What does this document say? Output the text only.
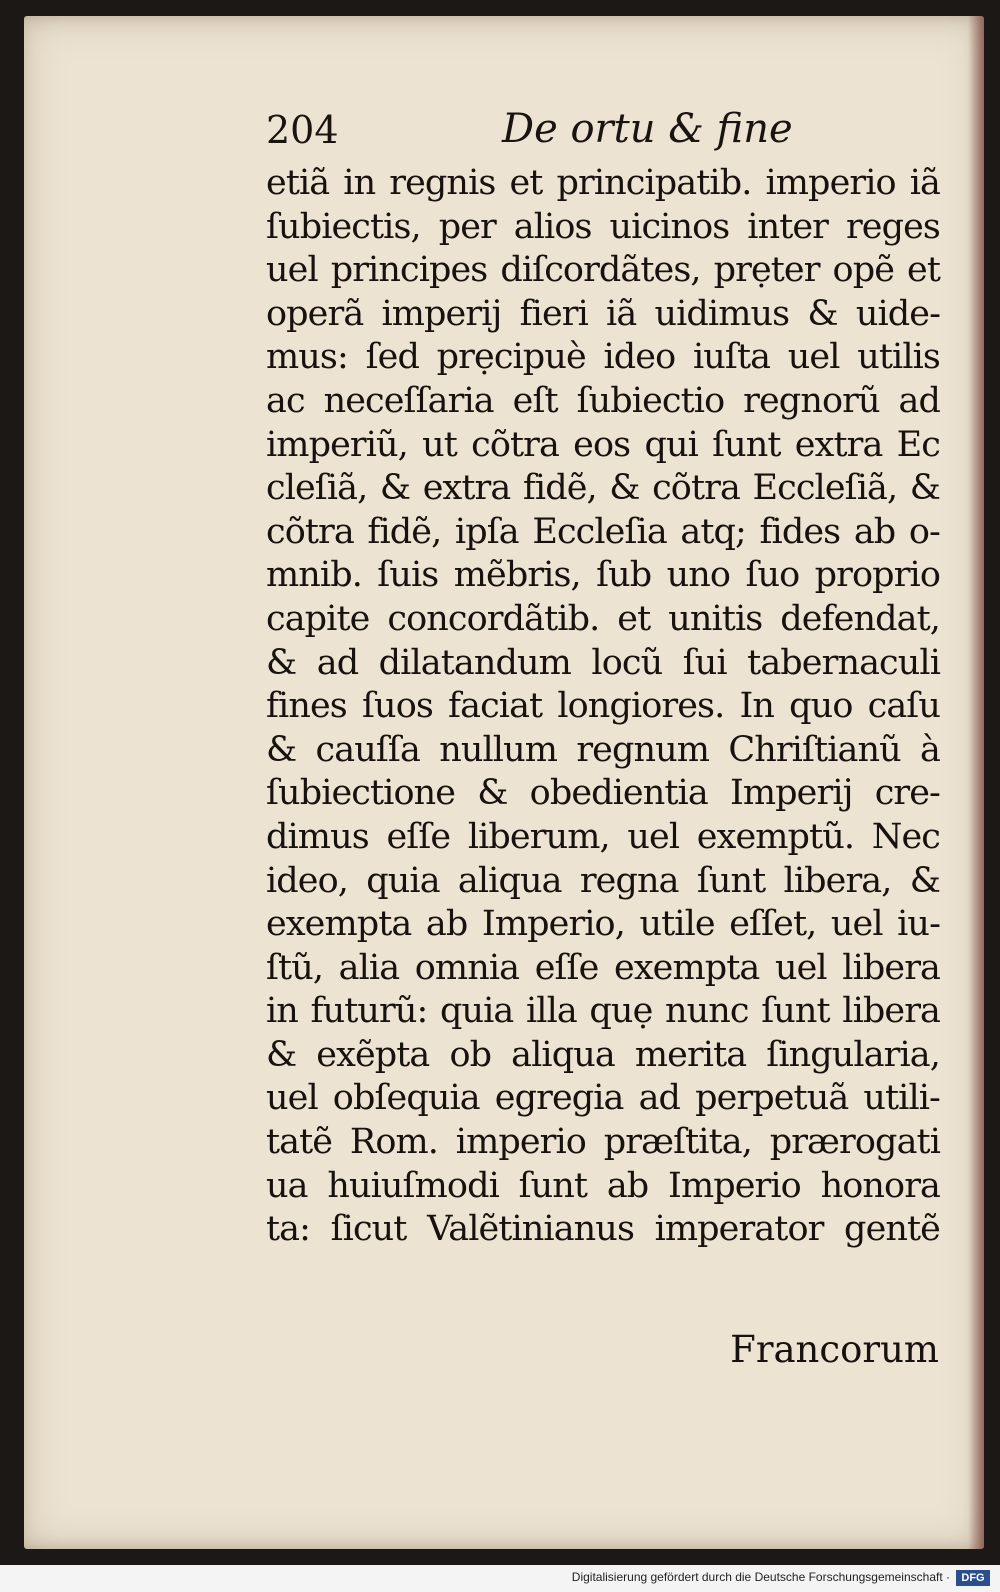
204	De ortu & fine
etiã in regnis et principatib. imperio iã
ſubiectis, per alios uicinos inter reges
uel principes diſcordãtes, prẹter opẽ et
operã imperij fieri iã uidimus & uide-
mus: ſed prẹcipuè ideo iuſta uel utilis
ac neceſſaria eſt ſubiectio regnorũ ad
imperiũ, ut cõtra eos qui ſunt extra Ec
cleſiã, & extra fidẽ, & cõtra Eccleſiã, &
cõtra fidẽ, ipſa Eccleſia atq; fides ab o-
mnib. ſuis mẽbris, ſub uno ſuo proprio
capite concordãtib. et unitis defendat,
& ad dilatandum locũ ſui tabernaculi
fines ſuos faciat longiores. In quo caſu
& cauſſa nullum regnum Chriſtianũ à
ſubiectione & obedientia Imperij cre-
dimus eſſe liberum, uel exemptũ. Nec
ideo, quia aliqua regna ſunt libera, &
exempta ab Imperio, utile eſſet, uel iu-
ſtũ, alia omnia eſſe exempta uel libera
in futurũ: quia illa quẹ nunc ſunt libera
& exẽpta ob aliqua merita ſingularia,
uel obſequia egregia ad perpetuã utili-
tatẽ Rom. imperio præſtita, prærogati
ua huiuſmodi ſunt ab Imperio honora
ta: ſicut Valẽtinianus imperator gentẽ
Francorum
Digitalisierung gefördert durch die Deutsche Forschungsgemeinschaft ·	DFG
